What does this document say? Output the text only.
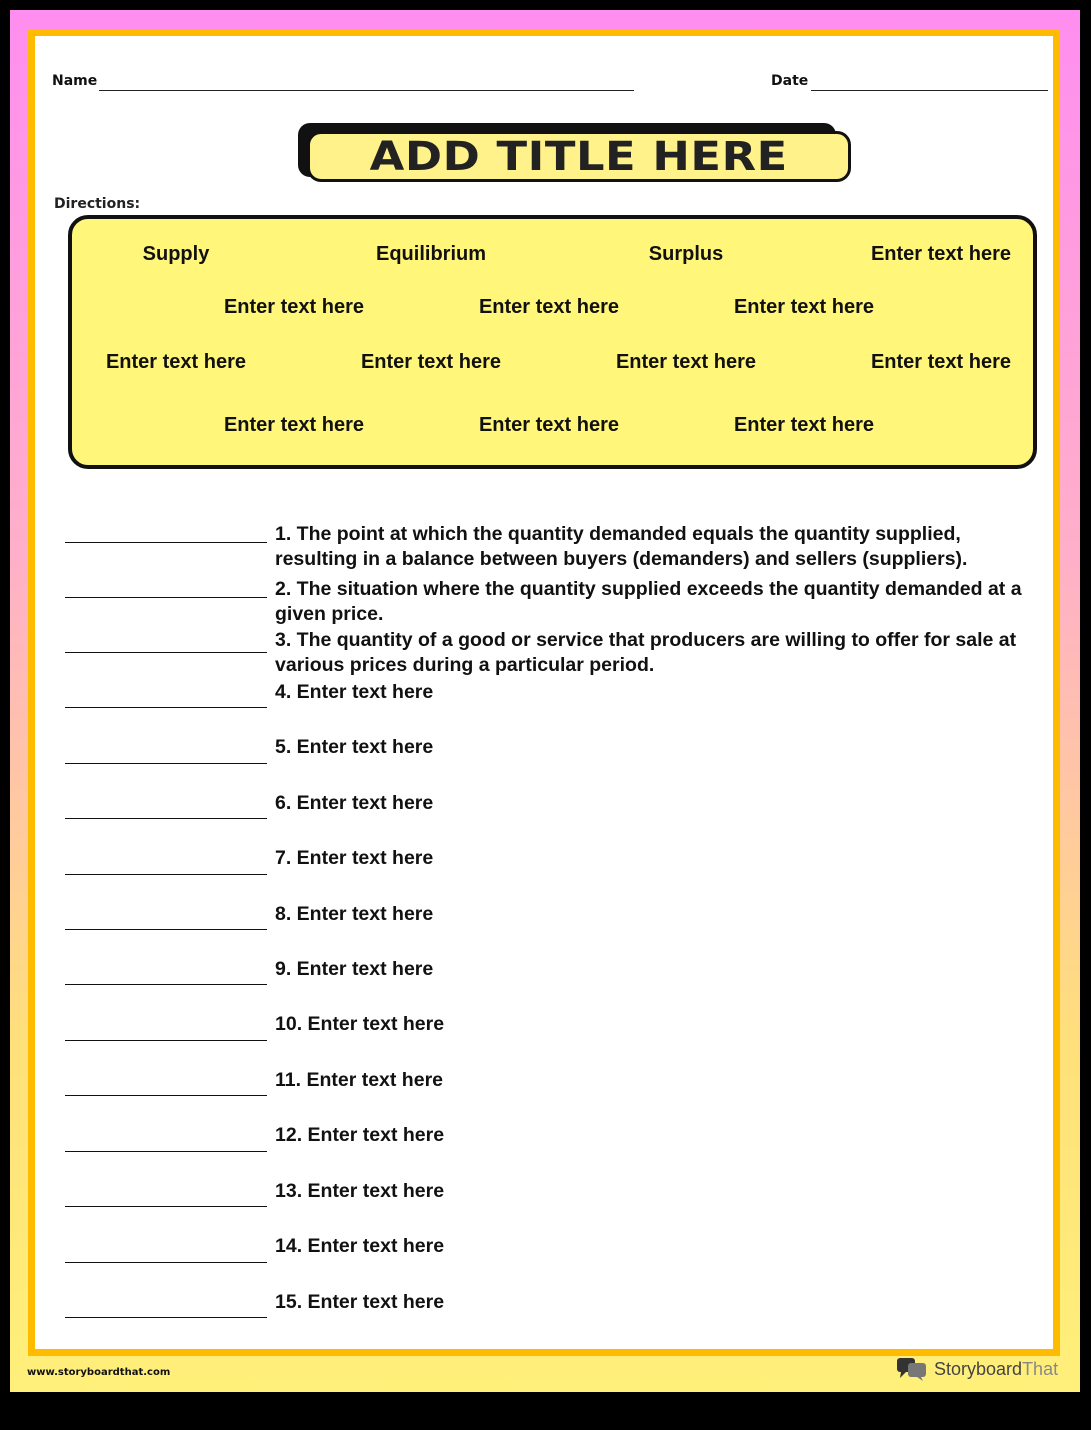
Name	Date
ADD TITLE HERE
Directions:
Supply	Equilibrium	Surplus	Enter text here
Enter text here	Enter text here	Enter text here
Enter text here	Enter text here	Enter text here	Enter text here
Enter text here	Enter text here	Enter text here
1. The point at which the quantity demanded equals the quantity supplied, resulting in a balance between buyers (demanders) and sellers (suppliers).
2. The situation where the quantity supplied exceeds the quantity demanded at a given price.
3. The quantity of a good or service that producers are willing to offer for sale at various prices during a particular period.
4. Enter text here
5. Enter text here
6. Enter text here
7. Enter text here
8. Enter text here
9. Enter text here
10. Enter text here
11. Enter text here
12. Enter text here
13. Enter text here
14. Enter text here
15. Enter text here
www.storyboardthat.com	StoryboardThat
